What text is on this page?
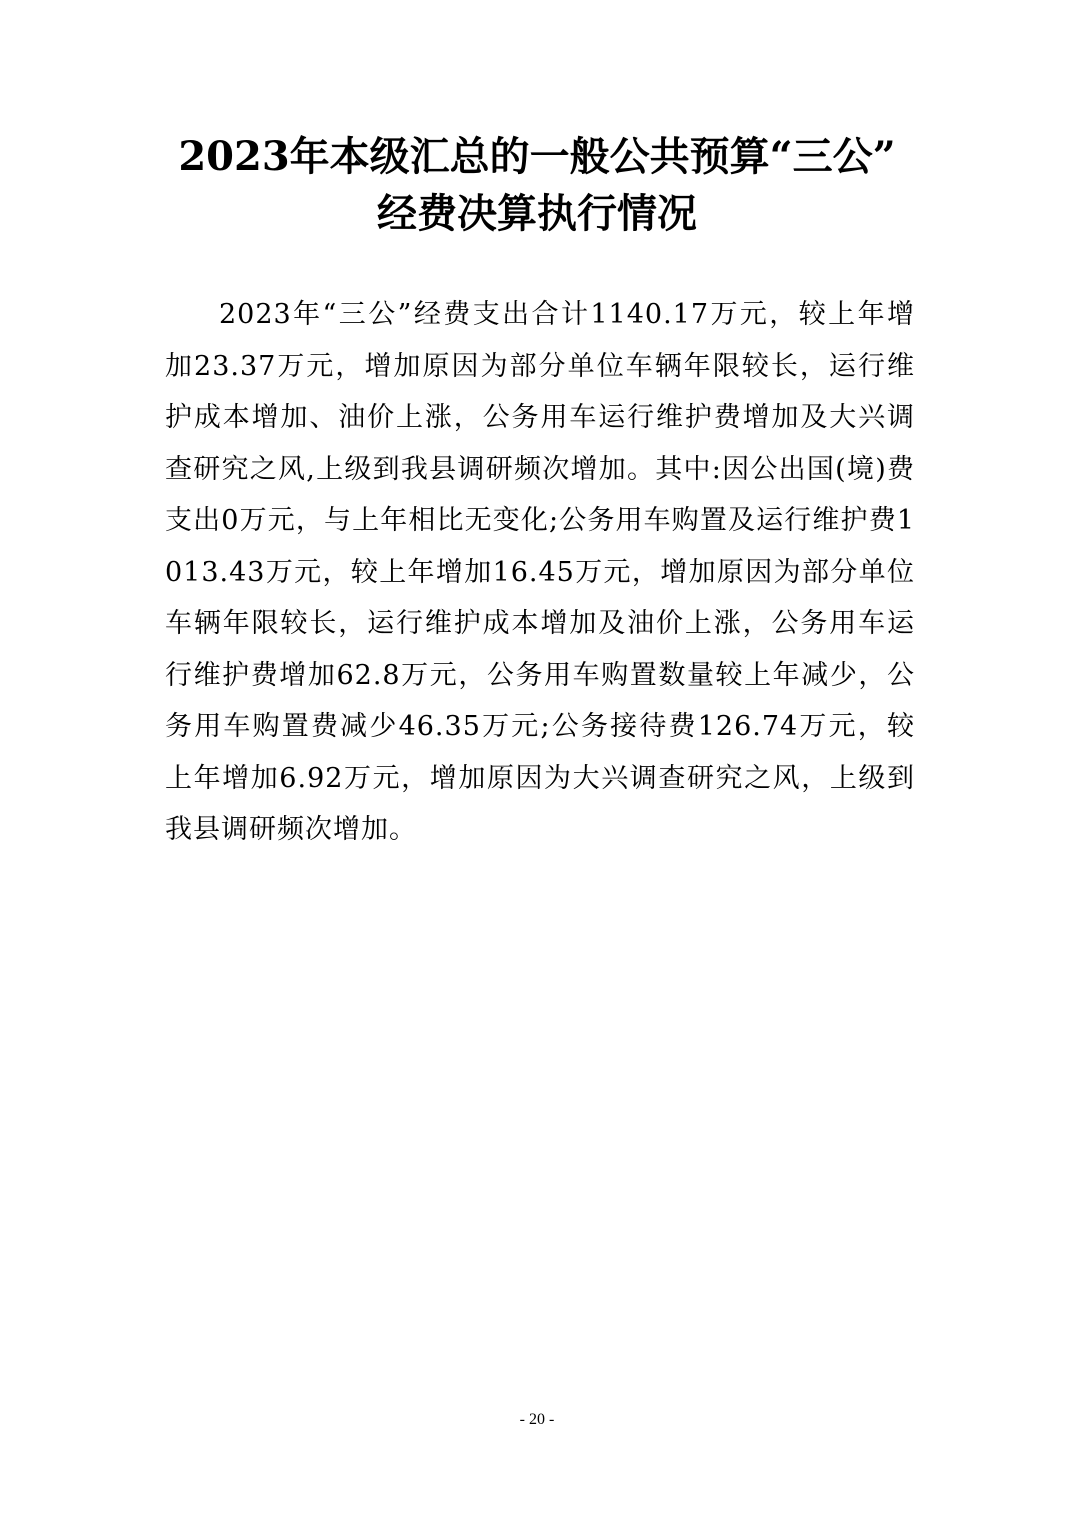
2023年本级汇总的一般公共预算“三公”
经费决算执行情况

2023年“三公”经费支出合计1140.17万元，较上年增加23.37万元，增加原因为部分单位车辆年限较长，运行维护成本增加、油价上涨，公务用车运行维护费增加及大兴调查研究之风,上级到我县调研频次增加。其中:因公出国(境)费支出0万元，与上年相比无变化;公务用车购置及运行维护费1013.43万元，较上年增加16.45万元，增加原因为部分单位车辆年限较长，运行维护成本增加及油价上涨，公务用车运行维护费增加62.8万元，公务用车购置数量较上年减少，公务用车购置费减少46.35万元;公务接待费126.74万元，较上年增加6.92万元，增加原因为大兴调查研究之风，上级到我县调研频次增加。

- 20 -
